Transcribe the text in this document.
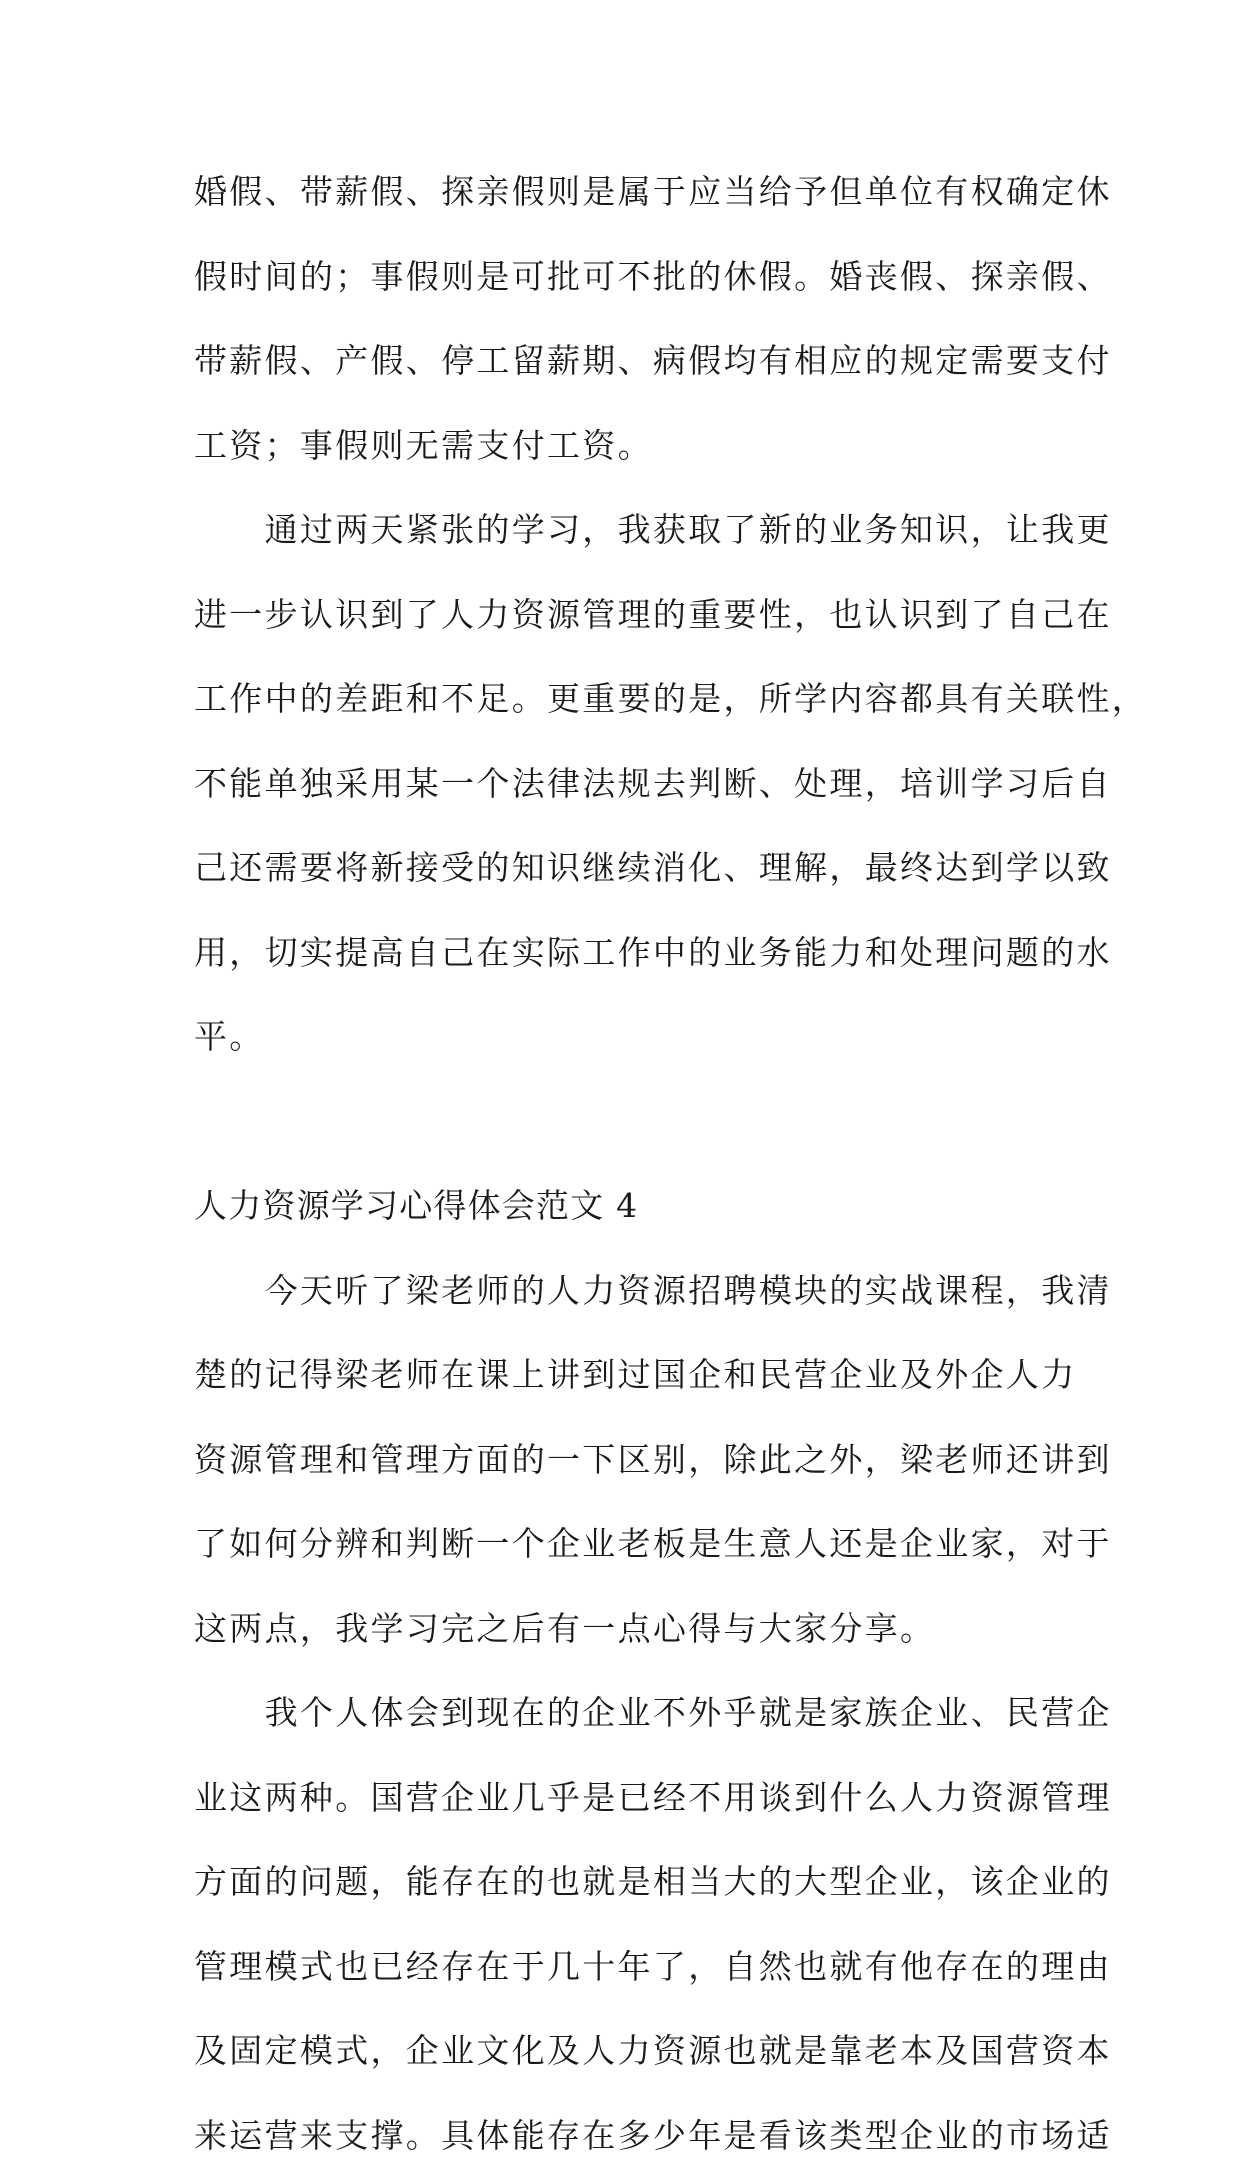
婚假、带薪假、探亲假则是属于应当给予但单位有权确定休
假时间的；事假则是可批可不批的休假。婚丧假、探亲假、
带薪假、产假、停工留薪期、病假均有相应的规定需要支付
工资；事假则无需支付工资。
　　通过两天紧张的学习，我获取了新的业务知识，让我更
进一步认识到了人力资源管理的重要性，也认识到了自己在
工作中的差距和不足。更重要的是，所学内容都具有关联性，
不能单独采用某一个法律法规去判断、处理，培训学习后自
己还需要将新接受的知识继续消化、理解，最终达到学以致
用，切实提高自己在实际工作中的业务能力和处理问题的水
平。
人力资源学习心得体会范文 4
　　今天听了梁老师的人力资源招聘模块的实战课程，我清
楚的记得梁老师在课上讲到过国企和民营企业及外企人力
资源管理和管理方面的一下区别，除此之外，梁老师还讲到
了如何分辨和判断一个企业老板是生意人还是企业家，对于
这两点，我学习完之后有一点心得与大家分享。
　　我个人体会到现在的企业不外乎就是家族企业、民营企
业这两种。国营企业几乎是已经不用谈到什么人力资源管理
方面的问题，能存在的也就是相当大的大型企业，该企业的
管理模式也已经存在于几十年了，自然也就有他存在的理由
及固定模式，企业文化及人力资源也就是靠老本及国营资本
来运营来支撑。具体能存在多少年是看该类型企业的市场适
